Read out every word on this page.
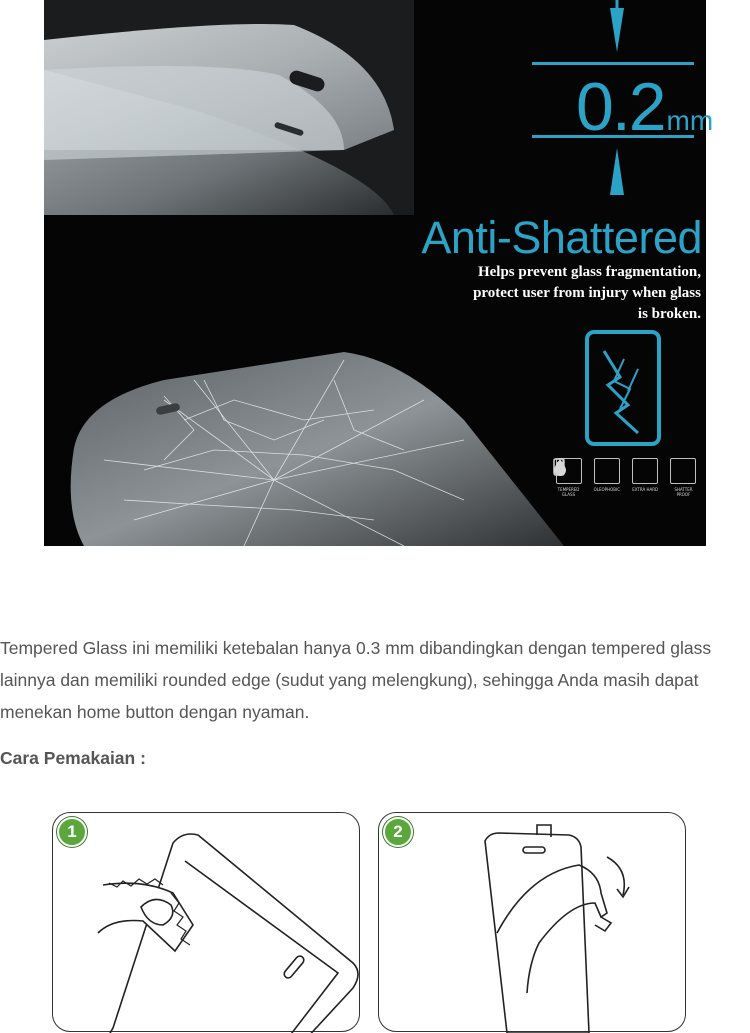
0.2 mm
Anti-Shattered
Helps prevent glass fragmentation,
protect user from injury when glass
is broken.
TEMPERED
GLASS
OLEOPHOBIC	EXTRA HARD	SHATTER
PROOF
Tempered Glass ini memiliki ketebalan hanya 0.3 mm dibandingkan dengan tempered glass lainnya dan memiliki rounded edge (sudut yang melengkung), sehingga Anda masih dapat menekan home button dengan nyaman.
Cara Pemakaian :
1	2
